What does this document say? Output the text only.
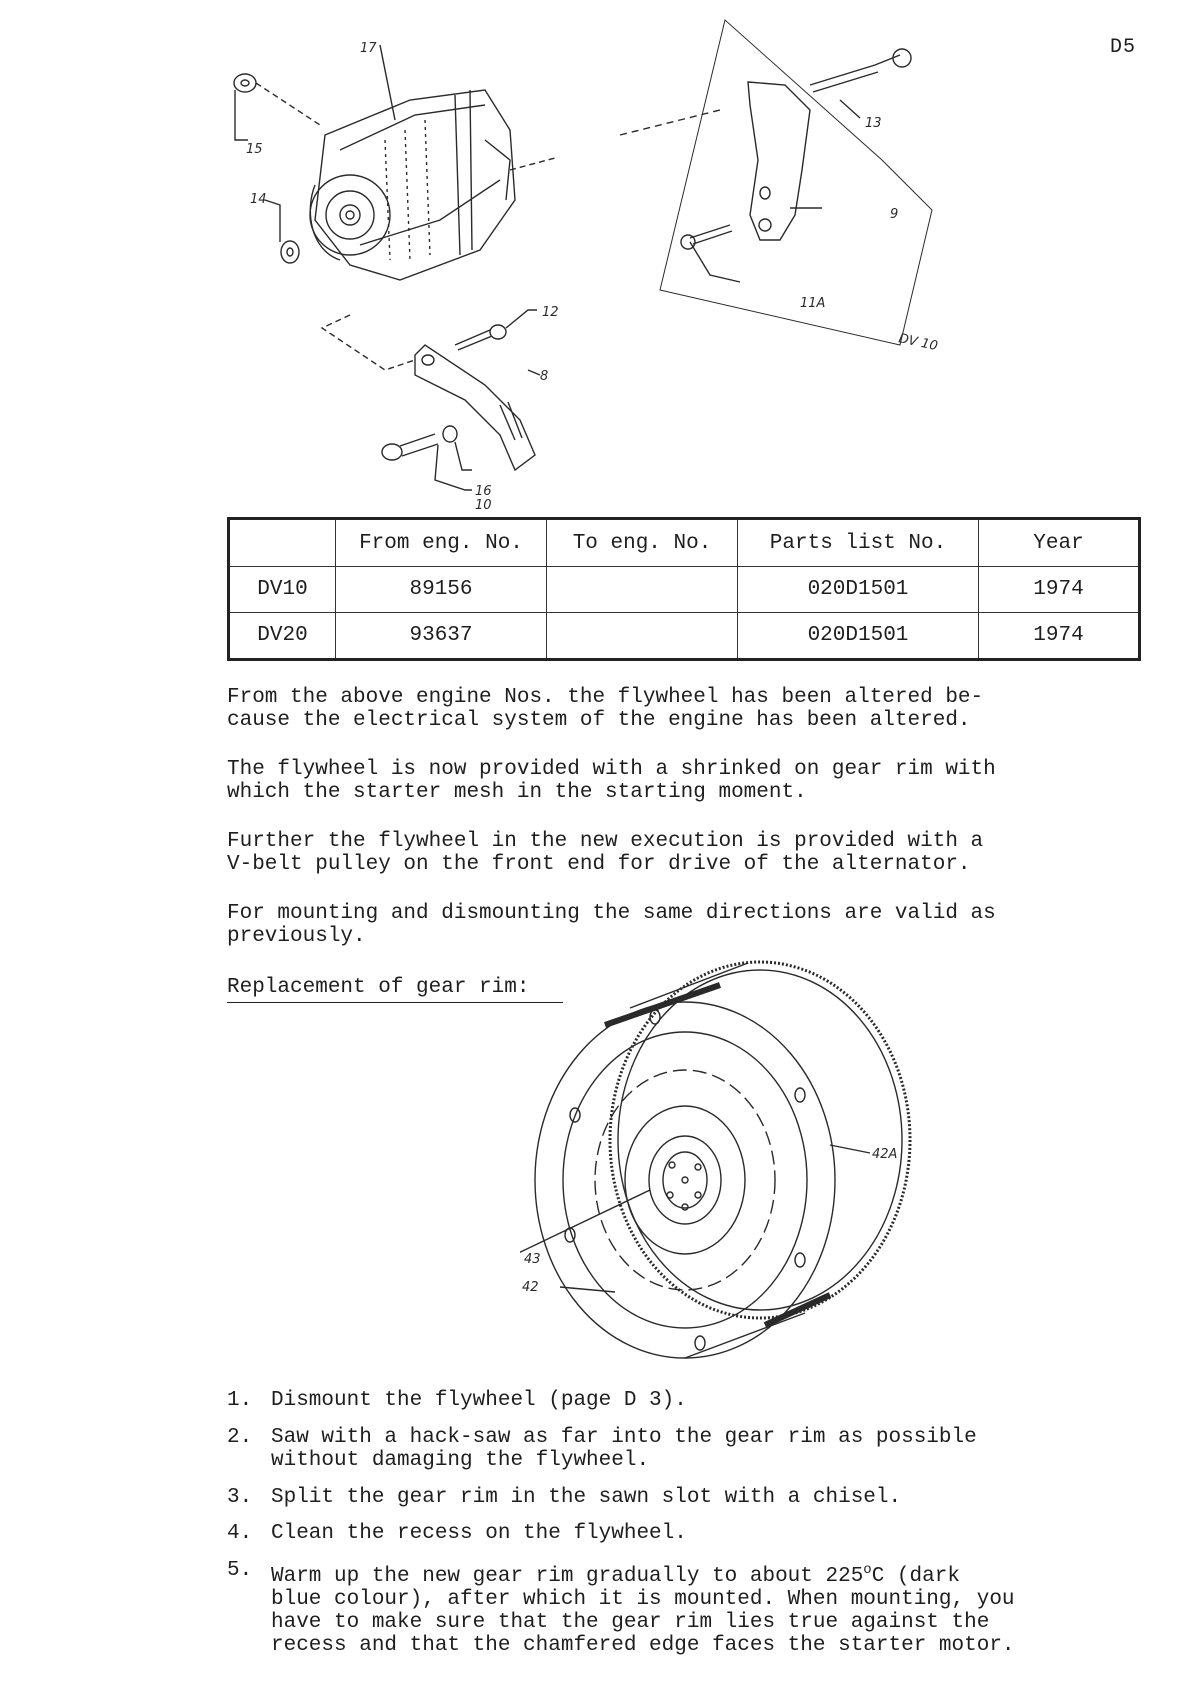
D5
17
15
14
12
8
16
10
13
9
11A
DV 10
	From eng. No.	To eng. No.	Parts list No.	Year
DV10	89156		020D1501	1974
DV20	93637		020D1501	1974

From the above engine Nos. the flywheel has been altered be-
cause the electrical system of the engine has been altered.

The flywheel is now provided with a shrinked on gear rim with
which the starter mesh in the starting moment.

Further the flywheel in the new execution is provided with a
V-belt pulley on the front end for drive of the alternator.

For mounting and dismounting the same directions are valid as
previously.

Replacement of gear rim:
42A
43
42
1. Dismount the flywheel (page D 3).
2. Saw with a hack-saw as far into the gear rim as possible
without damaging the flywheel.
3. Split the gear rim in the sawn slot with a chisel.
4. Clean the recess on the flywheel.
5. Warm up the new gear rim gradually to about 225$^o$C (dark
blue colour), after which it is mounted. When mounting, you
have to make sure that the gear rim lies true against the
recess and that the chamfered edge faces the starter motor.
